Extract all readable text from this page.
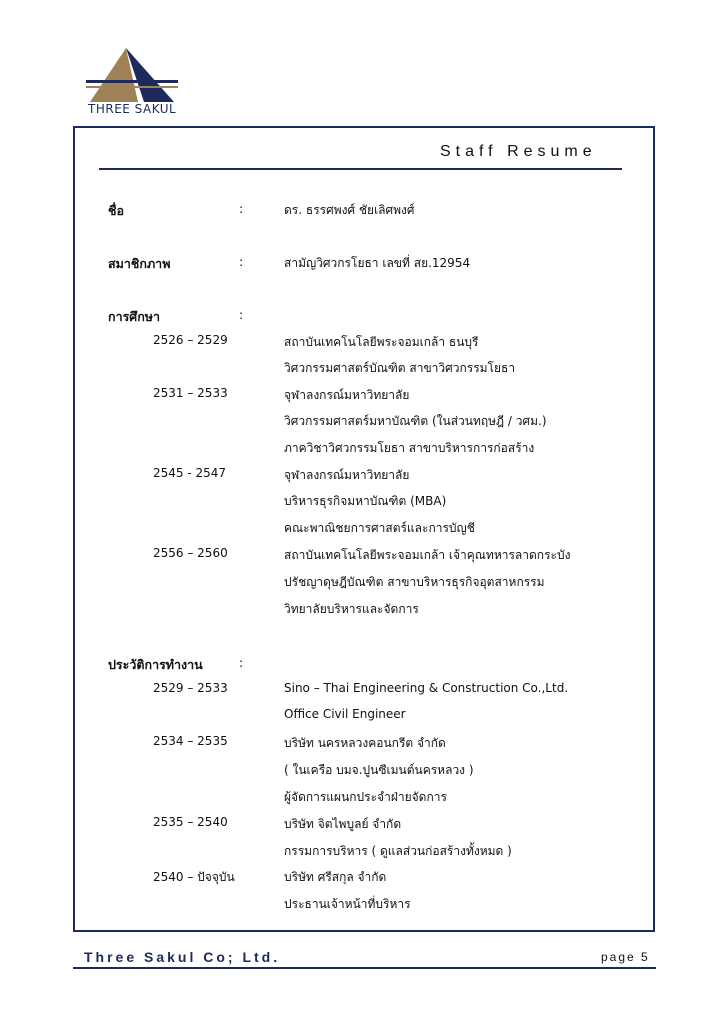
THREE SAKUL
Staff Resume
ชื่อ	:	ดร. ธรรศพงศ์ ชัยเลิศพงศ์
สมาชิกภาพ	:	สามัญวิศวกรโยธา เลขที่ สย.12954
การศึกษา	:
2526 – 2529	สถาบันเทคโนโลยีพระจอมเกล้า ธนบุรี
วิศวกรรมศาสตร์บัณฑิต สาขาวิศวกรรมโยธา
2531 – 2533	จุฬาลงกรณ์มหาวิทยาลัย
วิศวกรรมศาสตร์มหาบัณฑิต (ในส่วนทฤษฎี / วศม.)
ภาควิชาวิศวกรรมโยธา สาขาบริหารการก่อสร้าง
2545 - 2547	จุฬาลงกรณ์มหาวิทยาลัย
บริหารธุรกิจมหาบัณฑิต (MBA)
คณะพาณิชยการศาสตร์และการบัญชี
2556 – 2560	สถาบันเทคโนโลยีพระจอมเกล้า เจ้าคุณทหารลาดกระบัง
ปรัชญาดุษฎีบัณฑิต สาขาบริหารธุรกิจอุตสาหกรรม
วิทยาลัยบริหารและจัดการ
ประวัติการทำงาน	:
2529 – 2533	Sino – Thai Engineering & Construction Co.,Ltd.
Office Civil Engineer
2534 – 2535	บริษัท นครหลวงคอนกรีต จำกัด
( ในเครือ บมจ.ปูนซีเมนต์นครหลวง )
ผู้จัดการแผนกประจำฝ่ายจัดการ
2535 – 2540	บริษัท จิตไพบูลย์ จำกัด
กรรมการบริหาร ( ดูแลส่วนก่อสร้างทั้งหมด )
2540 – ปัจจุบัน	บริษัท ศรีสกุล จำกัด
ประธานเจ้าหน้าที่บริหาร
Three Sakul Co; Ltd.	page 5
